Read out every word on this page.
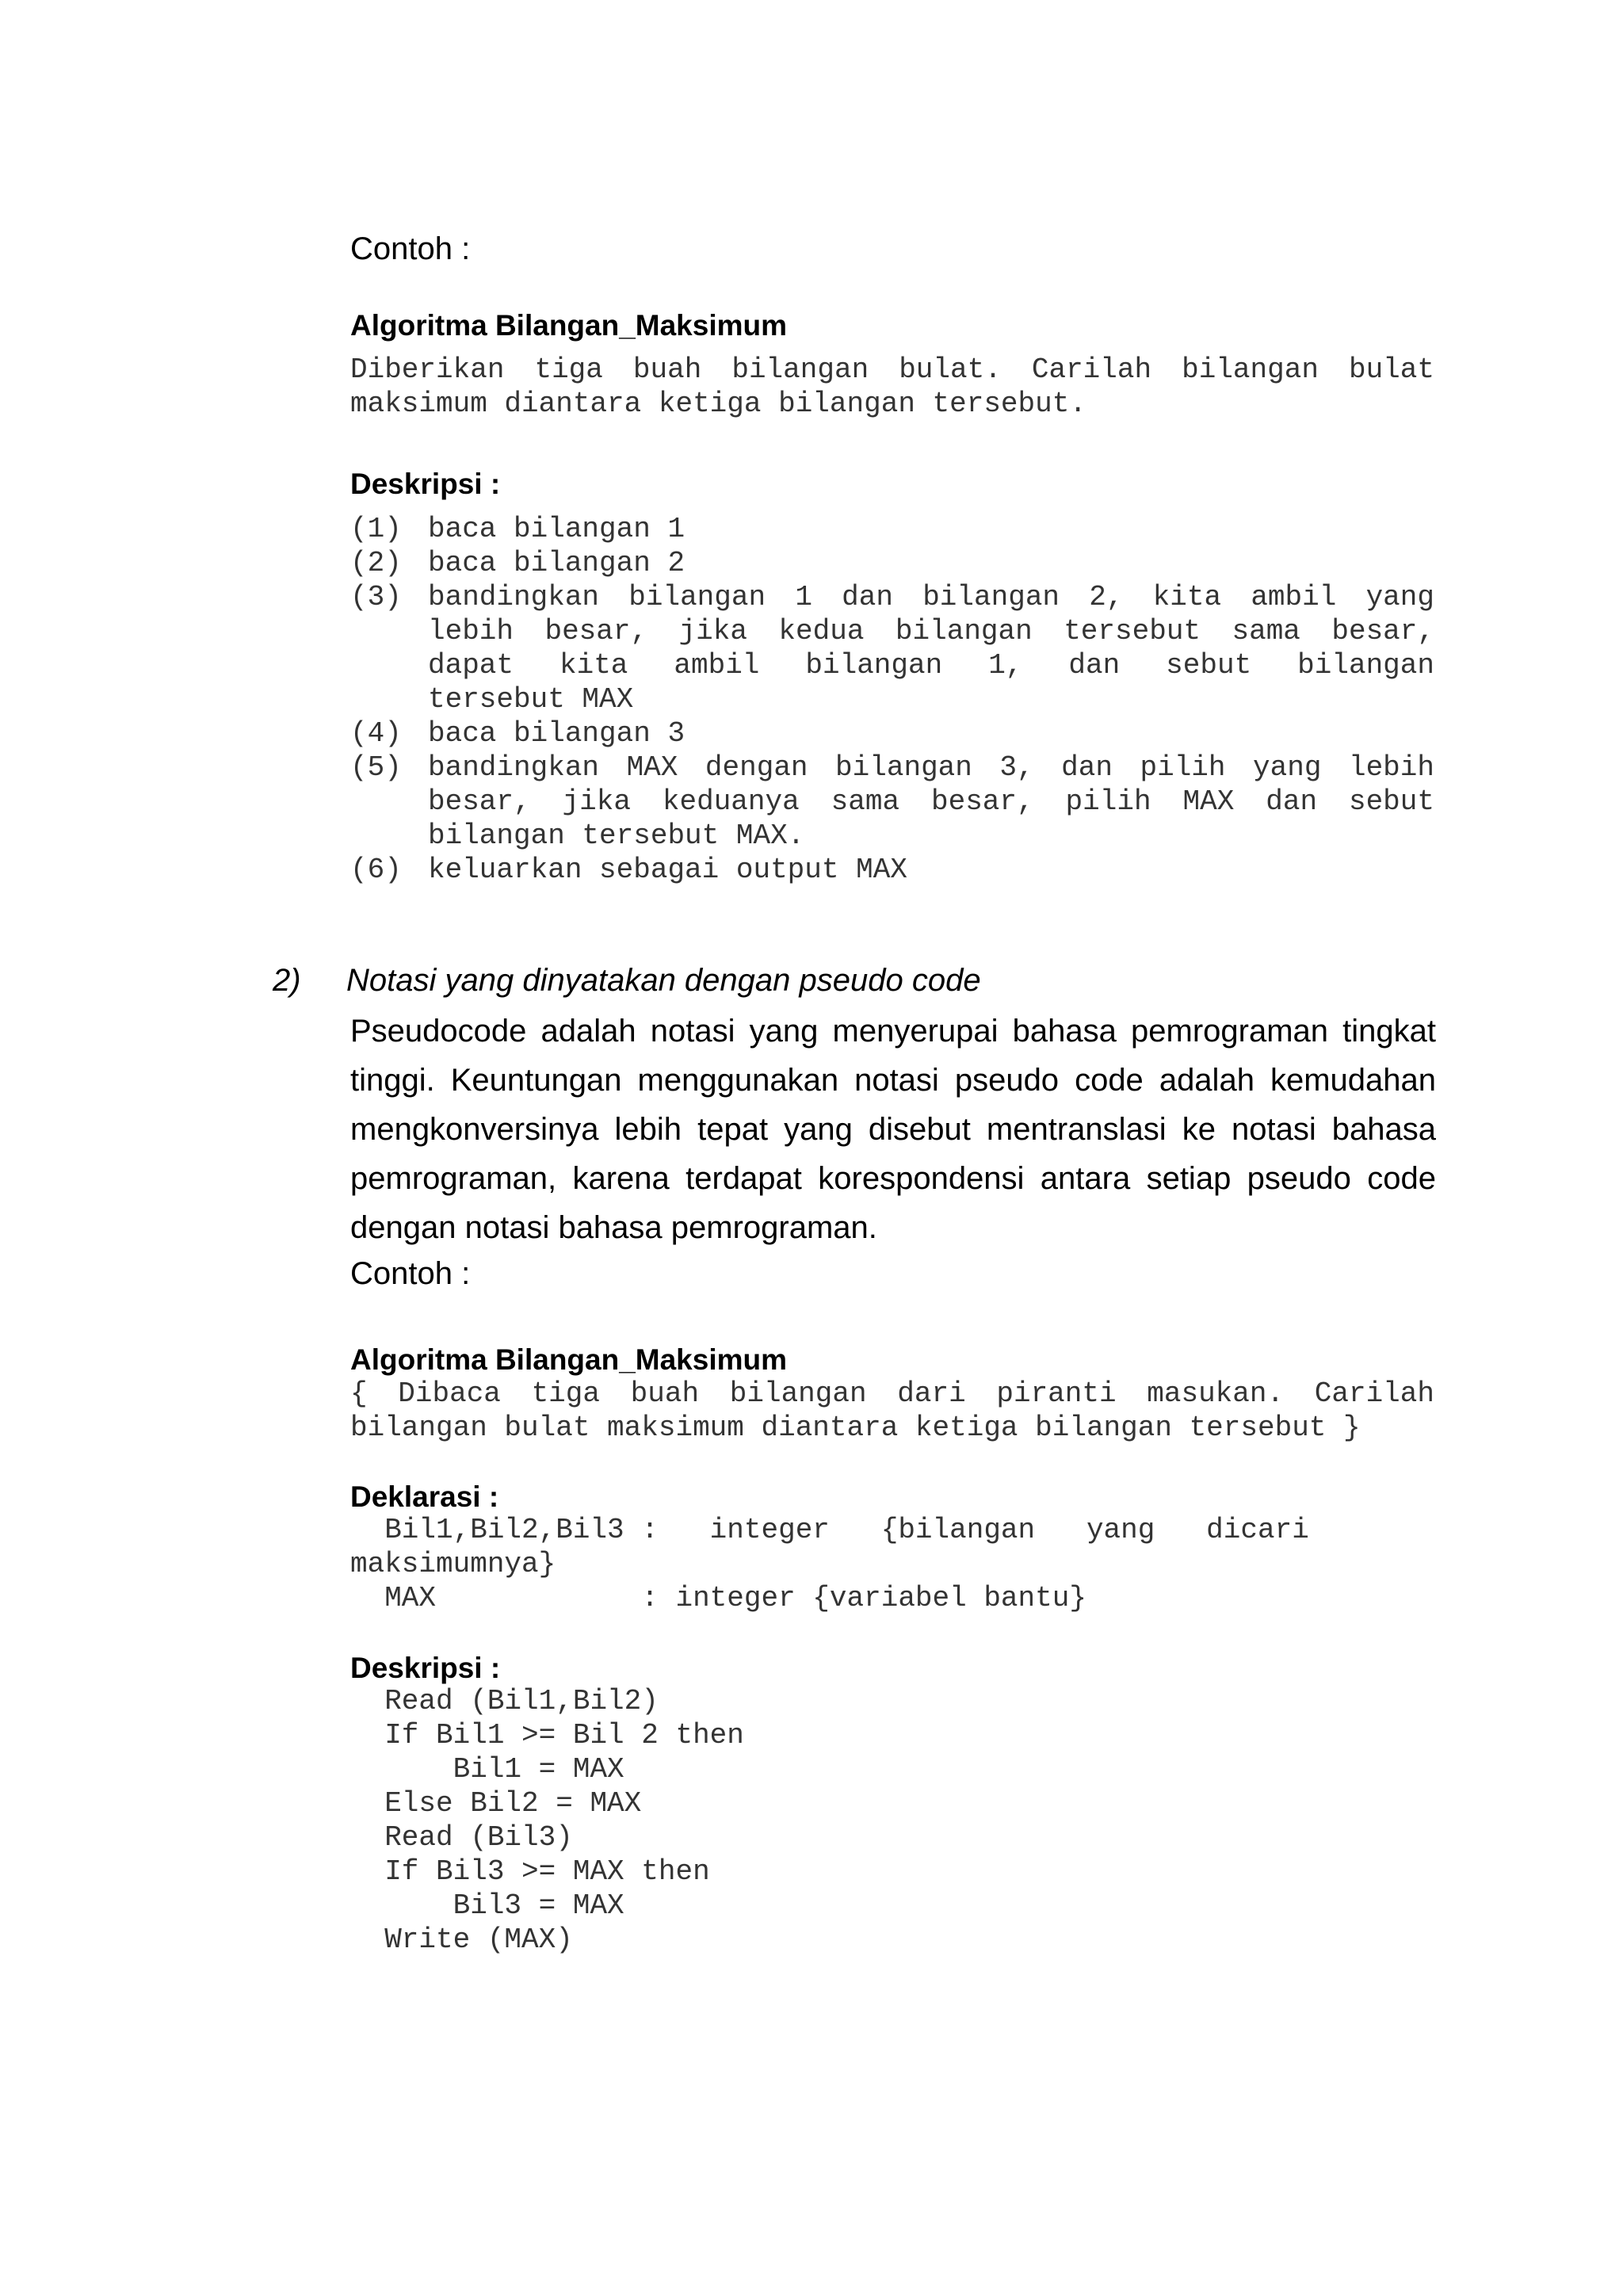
Contoh :
Algoritma Bilangan_Maksimum
Diberikan tiga buah bilangan bulat. Carilah bilangan bulat
maksimum diantara ketiga bilangan tersebut.
Deskripsi :
(1) baca bilangan 1
(2) baca bilangan 2
(3) bandingkan bilangan 1 dan bilangan 2, kita ambil yang
lebih besar, jika kedua bilangan tersebut sama besar,
dapat kita ambil bilangan 1, dan sebut bilangan
tersebut MAX
(4) baca bilangan 3
(5) bandingkan MAX dengan bilangan 3, dan pilih yang lebih
besar, jika keduanya sama besar, pilih MAX dan sebut
bilangan tersebut MAX.
(6) keluarkan sebagai output MAX
2) Notasi yang dinyatakan dengan pseudo code
Pseudocode adalah notasi yang menyerupai bahasa pemrograman tingkat
tinggi. Keuntungan menggunakan notasi pseudo code adalah kemudahan
mengkonversinya lebih tepat yang disebut mentranslasi ke notasi bahasa
pemrograman, karena terdapat korespondensi antara setiap pseudo code
dengan notasi bahasa pemrograman.
Contoh :
Algoritma Bilangan_Maksimum
{ Dibaca tiga buah bilangan dari piranti masukan. Carilah
bilangan bulat maksimum diantara ketiga bilangan tersebut }
Deklarasi :
Bil1,Bil2,Bil3 :   integer   {bilangan   yang   dicari
maksimumnya}
MAX            : integer {variabel bantu}
Deskripsi :
Read (Bil1,Bil2)
If Bil1 >= Bil 2 then
Bil1 = MAX
Else Bil2 = MAX
Read (Bil3)
If Bil3 >= MAX then
Bil3 = MAX
Write (MAX)
